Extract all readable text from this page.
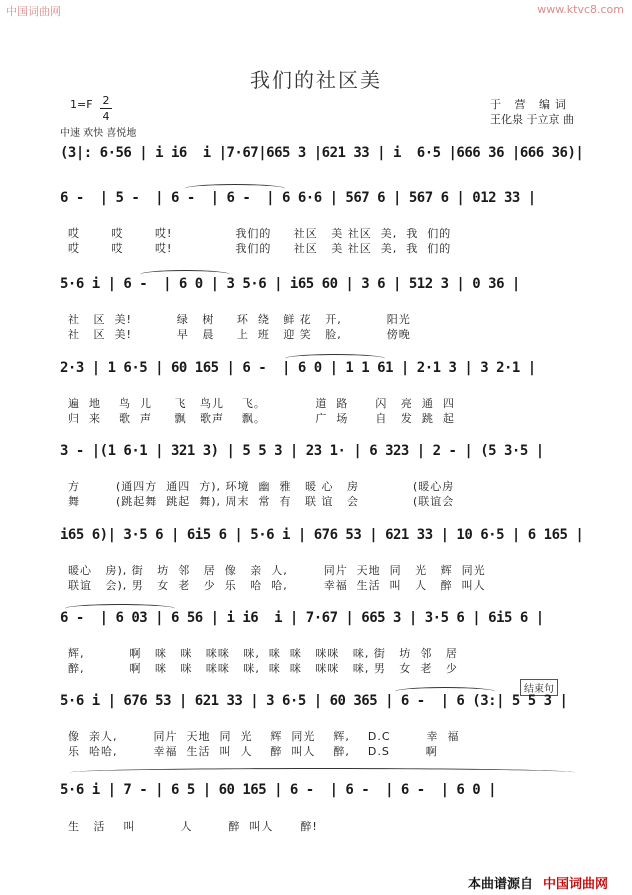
中国词曲网	www.ktvc8.com
我们的社区美
1=F 2
4
中速 欢快 喜悦地
于 营 编词
王化泉 于立京 曲
(3|: 6·56 | i i6  i |7·67|665 3 |621 33 | i  6·5 |666 36 |666 36)|
6 -  | 5 -  | 6 -  | 6 -  | 6 6·6 | 567 6 | 567 6 | 012 33 |
哎       哎       哎!              我们的     社区   美 社区  美,  我  们的
哎       哎       哎!              我们的     社区   美 社区  美,  我  们的
5·6 i | 6 -  | 6 0 | 3 5·6 | i65 60 | 3 6 | 512 3 | 0 36 |
社   区  美!          绿   树     环  绕   鲜 花   开,          阳光
社   区  美!          早   晨     上  班   迎 笑   脸,          傍晚
2·3 | 1 6·5 | 60 165 | 6 -  | 6 0 | 1 1 61 | 2·1 3 | 3 2·1 |
遍  地    鸟  儿     飞   鸟儿    飞。           道  路      闪   亮  通  四
归  来    歌  声     飘   歌声    飘。           广  场      自   发  跳  起
3 - |(1 6·1 | 321 3) | 5 5 3 | 23 1· | 6 323 | 2 - | (5 3·5 |
方        (通四方  通四  方), 环境  幽  雅   暖 心   房            (暖心房
舞        (跳起舞  跳起  舞), 周末  常  有   联 谊   会            (联谊会
i65 6)| 3·5 6 | 6i5 6 | 5·6 i | 676 53 | 621 33 | 10 6·5 | 6 165 |
暖心   房), 街   坊  邻   居  像   亲  人,        同片  天地  同   光   辉  同光
联谊   会), 男   女  老   少  乐   哈  哈,        幸福  生活  叫   人   醉  叫人
6 -  | 6 03 | 6 56 | i i6  i | 7·67 | 665 3 | 3·5 6 | 6i5 6 |
辉,          啊   咪   咪   咪咪   咪,  咪  咪   咪咪   咪, 街   坊  邻   居
醉,          啊   咪   咪   咪咪   咪,  咪  咪   咪咪   咪, 男   女  老   少
结束句
5·6 i | 676 53 | 621 33 | 3 6·5 | 60 365 | 6 -  | 6 (3:| 5 5 3 |
像  亲人,        同片  天地  同  光    辉  同光    辉,    D.C        幸  福
乐  哈哈,        幸福  生活  叫  人    醉  叫人    醉,    D.S        啊
5·6 i | 7 - | 6 5 | 60 165 | 6 -  | 6 -  | 6 -  | 6 0 |
生   活    叫          人        醉  叫人      醉!
本曲谱源自 中国词曲网
